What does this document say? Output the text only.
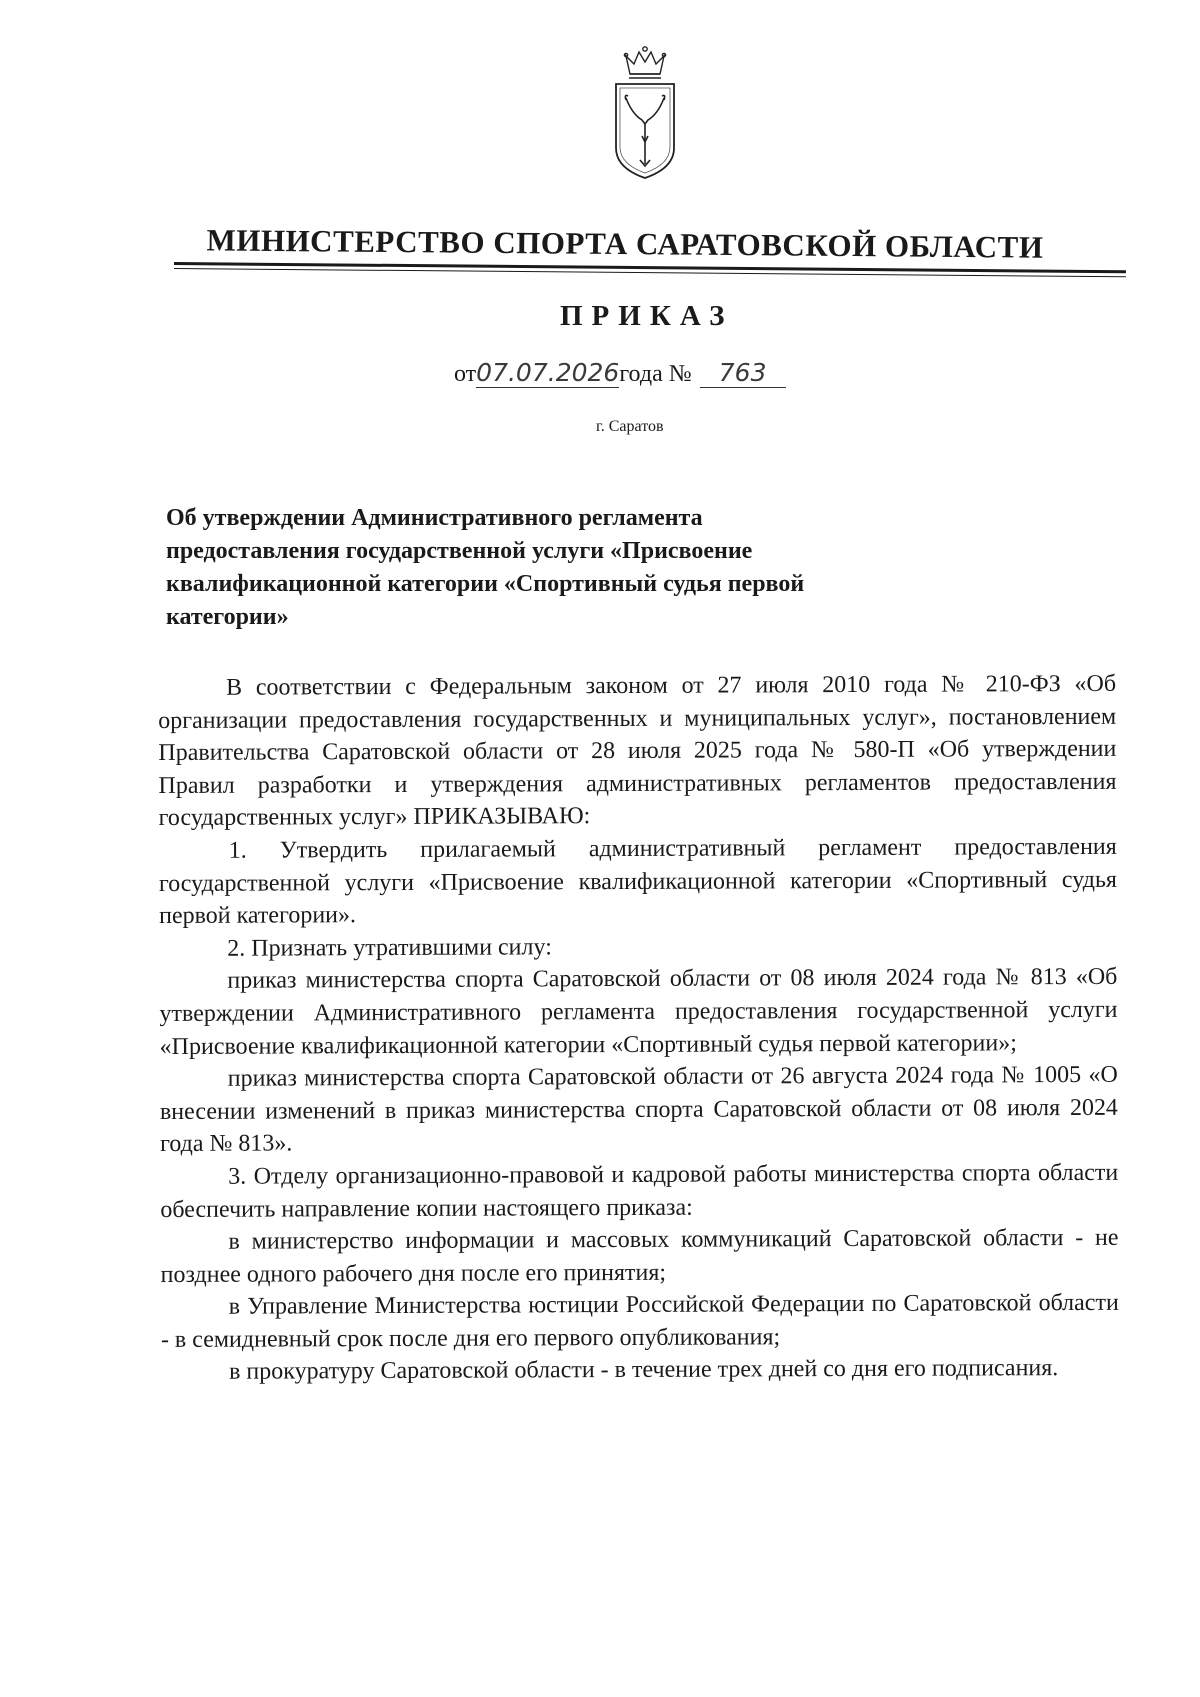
МИНИСТЕРСТВО СПОРТА САРАТОВСКОЙ ОБЛАСТИ
ПРИКАЗ
от07.07.2026года № 763
г. Саратов
Об утверждении Административного регламента предоставления государственной услуги «Присвоение квалификационной категории «Спортивный судья первой категории»

В соответствии с Федеральным законом от 27 июля 2010 года № 210-ФЗ «Об организации предоставления государственных и муниципальных услуг», постановлением Правительства Саратовской области от 28 июля 2025 года № 580-П «Об утверждении Правил разработки и утверждения административных регламентов предоставления государственных услуг» ПРИКАЗЫВАЮ:

1. Утвердить прилагаемый административный регламент предоставления государственной услуги «Присвоение квалификационной категории «Спортивный судья первой категории».

2. Признать утратившими силу:

приказ министерства спорта Саратовской области от 08 июля 2024 года № 813 «Об утверждении Административного регламента предоставления государственной услуги «Присвоение квалификационной категории «Спортивный судья первой категории»;

приказ министерства спорта Саратовской области от 26 августа 2024 года № 1005 «О внесении изменений в приказ министерства спорта Саратовской области от 08 июля 2024 года № 813».

3. Отделу организационно-правовой и кадровой работы министерства спорта области обеспечить направление копии настоящего приказа:

в министерство информации и массовых коммуникаций Саратовской области - не позднее одного рабочего дня после его принятия;

в Управление Министерства юстиции Российской Федерации по Саратовской области - в семидневный срок после дня его первого опубликования;

в прокуратуру Саратовской области - в течение трех дней со дня его подписания.
